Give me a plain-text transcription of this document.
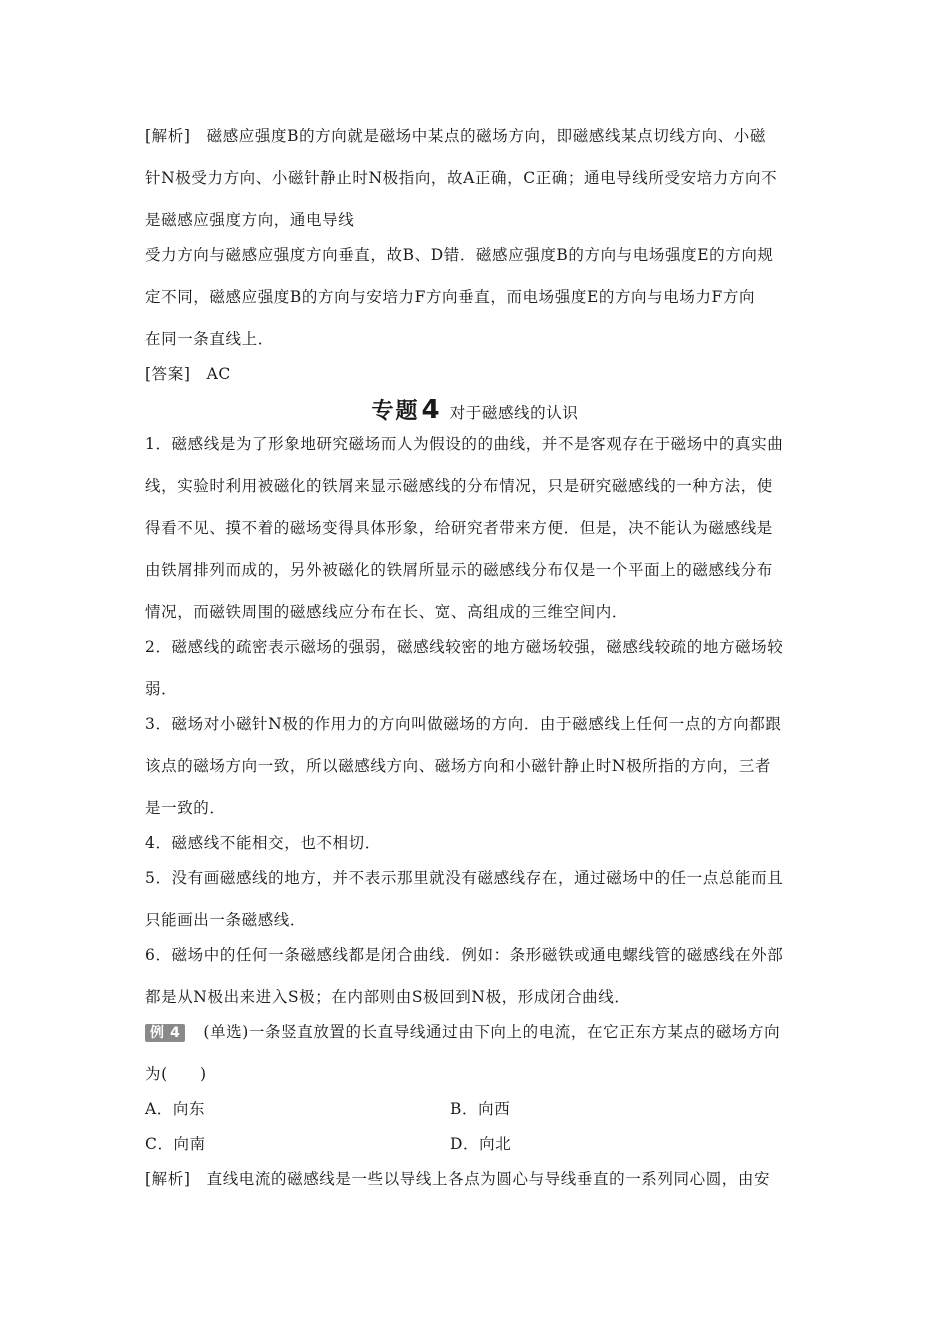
[解析]　磁感应强度B的方向就是磁场中某点的磁场方向，即磁感线某点切线方向、小磁
针N极受力方向、小磁针静止时N极指向，故A正确，C正确；通电导线所受安培力方向不
是磁感应强度方向，通电导线
受力方向与磁感应强度方向垂直，故B、D错．磁感应强度B的方向与电场强度E的方向规
定不同，磁感应强度B的方向与安培力F方向垂直，而电场强度E的方向与电场力F方向
在同一条直线上．
[答案]　AC
专题4 对于磁感线的认识
1．磁感线是为了形象地研究磁场而人为假设的的曲线，并不是客观存在于磁场中的真实曲
线，实验时利用被磁化的铁屑来显示磁感线的分布情况，只是研究磁感线的一种方法，使
得看不见、摸不着的磁场变得具体形象，给研究者带来方便．但是，决不能认为磁感线是
由铁屑排列而成的，另外被磁化的铁屑所显示的磁感线分布仅是一个平面上的磁感线分布
情况，而磁铁周围的磁感线应分布在长、宽、高组成的三维空间内．
2．磁感线的疏密表示磁场的强弱，磁感线较密的地方磁场较强，磁感线较疏的地方磁场较
弱．
3．磁场对小磁针N极的作用力的方向叫做磁场的方向．由于磁感线上任何一点的方向都跟
该点的磁场方向一致，所以磁感线方向、磁场方向和小磁针静止时N极所指的方向，三者
是一致的．
4．磁感线不能相交，也不相切．
5．没有画磁感线的地方，并不表示那里就没有磁感线存在，通过磁场中的任一点总能而且
只能画出一条磁感线．
6．磁场中的任何一条磁感线都是闭合曲线．例如：条形磁铁或通电螺线管的磁感线在外部
都是从N极出来进入S极；在内部则由S极回到N极，形成闭合曲线．
例 4 (单选)一条竖直放置的长直导线通过由下向上的电流，在它正东方某点的磁场方向
为(　　)
A．向东	B．向西
C．向南	D．向北
[解析]　直线电流的磁感线是一些以导线上各点为圆心与导线垂直的一系列同心圆，由安
